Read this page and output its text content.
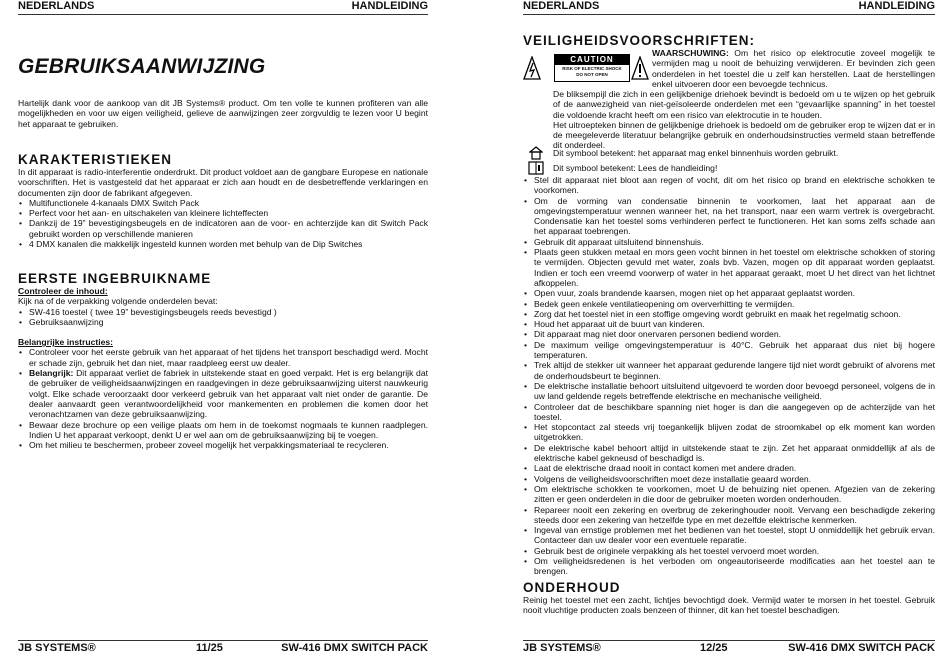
NEDERLANDS	HANDLEIDING
GEBRUIKSAANWIJZING

Hartelijk dank voor de aankoop van dit JB Systems® product. Om ten volle te kunnen profiteren van alle mogelijkheden en voor uw eigen veiligheid, gelieve de aanwijzingen zeer zorgvuldig te lezen voor U begint het apparaat te gebruiken.

KARAKTERISTIEKEN

In dit apparaat is radio-interferentie onderdrukt. Dit product voldoet aan de gangbare Europese en nationale voorschriften. Het is vastgesteld dat het apparaat er zich aan houdt en de desbetreffende verklaringen en documenten zijn door de fabrikant afgegeven.

• Multifunctionele 4-kanaals DMX Switch Pack
• Perfect voor het aan- en uitschakelen van kleinere lichteffecten
• Dankzij de 19” bevestigingsbeugels en de indicatoren aan de voor- en achterzijde kan dit Switch Pack gebruikt worden op verschillende manieren
• 4 DMX kanalen die makkelijk ingesteld kunnen worden met behulp van de Dip Switches
EERSTE INGEBRUIKNAME
Controleer de inhoud:

Kijk na of de verpakking volgende onderdelen bevat:

• SW-416 toestel ( twee 19” bevestigingsbeugels reeds bevestigd )
• Gebruiksaanwijzing
Belangrijke instructies:
• Controleer voor het eerste gebruik van het apparaat of het tijdens het transport beschadigd werd. Mocht er schade zijn, gebruik het dan niet, maar raadpleeg eerst uw dealer.
• Belangrijk: Dit apparaat verliet de fabriek in uitstekende staat en goed verpakt. Het is erg belangrijk dat de gebruiker de veiligheidsaanwijzingen en raadgevingen in deze gebruiksaanwijzing uiterst nauwkeurig volgt. Elke schade veroorzaakt door verkeerd gebruik van het apparaat valt niet onder de garantie. De dealer aanvaardt geen verantwoordelijkheid voor mankementen en problemen die komen door het veronachtzamen van deze gebruiksaanwijzing.
• Bewaar deze brochure op een veilige plaats om hem in de toekomst nogmaals te kunnen raadplegen. Indien U het apparaat verkoopt, denkt U er wel aan om de gebruiksaanwijzing bij te voegen.
• Om het milieu te beschermen, probeer zoveel mogelijk het verpakkingsmateriaal te recycleren.
JB SYSTEMS®	11/25	SW-416 DMX SWITCH PACK
NEDERLANDS	HANDLEIDING
VEILIGHEIDSVOORSCHRIFTEN:
CAUTION
RISK OF ELECTRIC SHOCK
DO NOT OPEN

WAARSCHUWING: Om het risico op elektrocutie zoveel mogelijk te vermijden mag u nooit de behuizing verwijderen. Er bevinden zich geen onderdelen in het toestel die u zelf kan herstellen. Laat de herstellingen enkel uitvoeren door een bevoegde technicus.

De bliksempijl die zich in een gelijkbenige driehoek bevindt is bedoeld om u te wijzen op het gebruik of de aanwezigheid van niet-geïsoleerde onderdelen met een “gevaarlijke spanning” in het toestel die voldoende kracht heeft om een risico van elektrocutie in te houden.

Het uitroepteken binnen de gelijkbenige driehoek is bedoeld om de gebruiker erop te wijzen dat er in de meegeleverde literatuur belangrijke gebruik en onderhoudsinstructies vermeld staan betreffende dit onderdeel.

Dit symbool betekent: het apparaat mag enkel binnenhuis worden gebruikt.

Dit symbool betekent: Lees de handleiding!

• Stel dit apparaat niet bloot aan regen of vocht, dit om het risico op brand en elektrische schokken te voorkomen.
• Om de vorming van condensatie binnenin te voorkomen, laat het apparaat aan de omgevingstemperatuur wennen wanneer het, na het transport, naar een warm vertrek is overgebracht. Condensatie kan het toestel soms verhinderen perfect te functioneren. Het kan soms zelfs schade aan het apparaat toebrengen.
• Gebruik dit apparaat uitsluitend binnenshuis.
• Plaats geen stukken metaal en mors geen vocht binnen in het toestel om elektrische schokken of storing te vermijden. Objecten gevuld met water, zoals bvb. Vazen, mogen op dit apparaat worden geplaatst. Indien er toch een vreemd voorwerp of water in het apparaat geraakt, moet U het direct van het lichtnet afkoppelen.
• Open vuur, zoals brandende kaarsen, mogen niet op het apparaat geplaatst worden.
• Bedek geen enkele ventilatieopening om oververhitting te vermijden.
• Zorg dat het toestel niet in een stoffige omgeving wordt gebruikt en maak het regelmatig schoon.
• Houd het apparaat uit de buurt van kinderen.
• Dit apparaat mag niet door onervaren personen bediend worden.
• De maximum veilige omgevingstemperatuur is 40°C. Gebruik het apparaat dus niet bij hogere temperaturen.
• Trek altijd de stekker uit wanneer het apparaat gedurende langere tijd niet wordt gebruikt of alvorens met de onderhoudsbeurt te beginnen.
• De elektrische installatie behoort uitsluitend uitgevoerd te worden door bevoegd personeel, volgens de in uw land geldende regels betreffende elektrische en mechanische veiligheid.
• Controleer dat de beschikbare spanning niet hoger is dan die aangegeven op de achterzijde van het toestel.
• Het stopcontact zal steeds vrij toegankelijk blijven zodat de stroomkabel op elk moment kan worden uitgetrokken.
• De elektrische kabel behoort altijd in uitstekende staat te zijn. Zet het apparaat onmiddellijk af als de elektrische kabel gekneusd of beschadigd is.
• Laat de elektrische draad nooit in contact komen met andere draden.
• Volgens de veiligheidsvoorschriften moet deze installatie geaard worden.
• Om elektrische schokken te voorkomen, moet U de behuizing niet openen. Afgezien van de zekering zitten er geen onderdelen in die door de gebruiker moeten worden onderhouden.
• Repareer nooit een zekering en overbrug de zekeringhouder nooit. Vervang een beschadigde zekering steeds door een zekering van hetzelfde type en met dezelfde elektrische kenmerken.
• Ingeval van ernstige problemen met het bedienen van het toestel, stopt U onmiddellijk het gebruik ervan. Contacteer dan uw dealer voor een eventuele reparatie.
• Gebruik best de originele verpakking als het toestel vervoerd moet worden.
• Om veiligheidsredenen is het verboden om ongeautoriseerde modificaties aan het toestel aan te brengen.
ONDERHOUD

Reinig het toestel met een zacht, lichtjes bevochtigd doek. Vermijd water te morsen in het toestel. Gebruik nooit vluchtige producten zoals benzeen of thinner, dit kan het toestel beschadigen.

JB SYSTEMS®	12/25	SW-416 DMX SWITCH PACK
